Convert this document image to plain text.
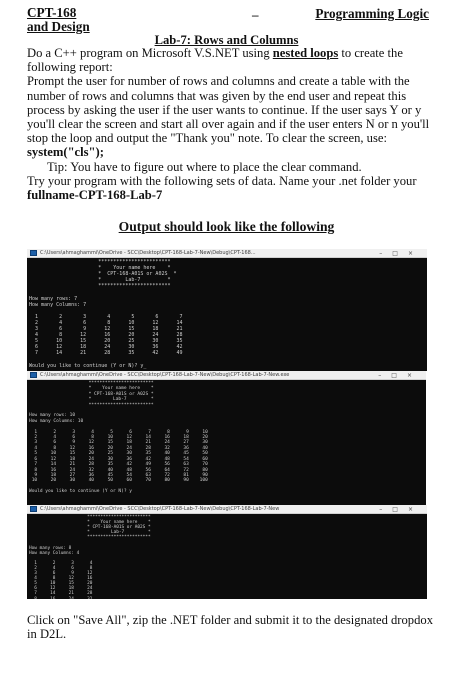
CPT-168
and Design
–	Programming Logic
Lab-7: Rows and Columns

Do a C++ program on Microsoft V.S.NET using nested loops to create the following report:

Prompt the user for number of rows and columns and create a table with the number of rows and columns that was given by the end user and repeat this process by asking the user if the user wants to continue. If the user says Y or y you'll clear the screen and start all over again and if the user enters N or n you'll stop the loop and output the "Thank you" note. To clear the screen, use: system("cls");

Tip: You have to figure out where to place the clear command.

Try your program with the following sets of data. Name your .net folder your fullname-CPT-168-Lab-7

Output should look like the following
C:\Users\ahmaghammi\OneDrive - SCC\Desktop\CPT-168-Lab-7-New\Debug\CPT-168...	–□×
************************
*    Your name here    *
*  CPT-168-A01S or A02S  *
*        Lab-7         *
************************

How many rows: 7
How many Columns: 7

1       2       3       4       5       6       7
2       4       6       8      10      12      14
3       6       9      12      15      18      21
4       8      12      16      20      24      28
5      10      15      20      25      30      35
6      12      18      24      30      36      42
7      14      21      28      35      42      49

Would you like to continue (Y or N)? y_
C:\Users\ahmaghammi\OneDrive - SCC\Desktop\CPT-168-Lab-7-New\Debug\CPT-168-Lab-7-New.exe	–□×
************************
*    Your name here    *
* CPT-168-A01S or A02S *
*        Lab-7         *
************************

How many rows: 10
How many Columns: 10

1      2      3      4      5      6      7      8      9     10
2      4      6      8     10     12     14     16     18     20
3      6      9     12     15     18     21     24     27     30
4      8     12     16     20     24     28     32     36     40
5     10     15     20     25     30     35     40     45     50
6     12     18     24     30     36     42     48     54     60
7     14     21     28     35     42     49     56     63     70
8     16     24     32     40     48     56     64     72     80
9     18     27     36     45     54     63     72     81     90
10     20     30     40     50     60     70     80     90    100

Would you like to continue (Y or N)? y
C:\Users\ahmaghammi\OneDrive - SCC\Desktop\CPT-168-Lab-7-New\Debug\CPT-168-Lab-7-New	–□×
************************
*    Your name here    *
* CPT-168-A01S or A02S *
*        Lab-7         *
************************

How many rows: 8
How many Columns: 4

1      2      3      4
2      4      6      8
3      6      9     12
4      8     12     16
5     10     15     20
6     12     18     24
7     14     21     28
8     16     24     32

Click on "Save All", zip the .NET folder and submit it to the designated dropdox in D2L.
